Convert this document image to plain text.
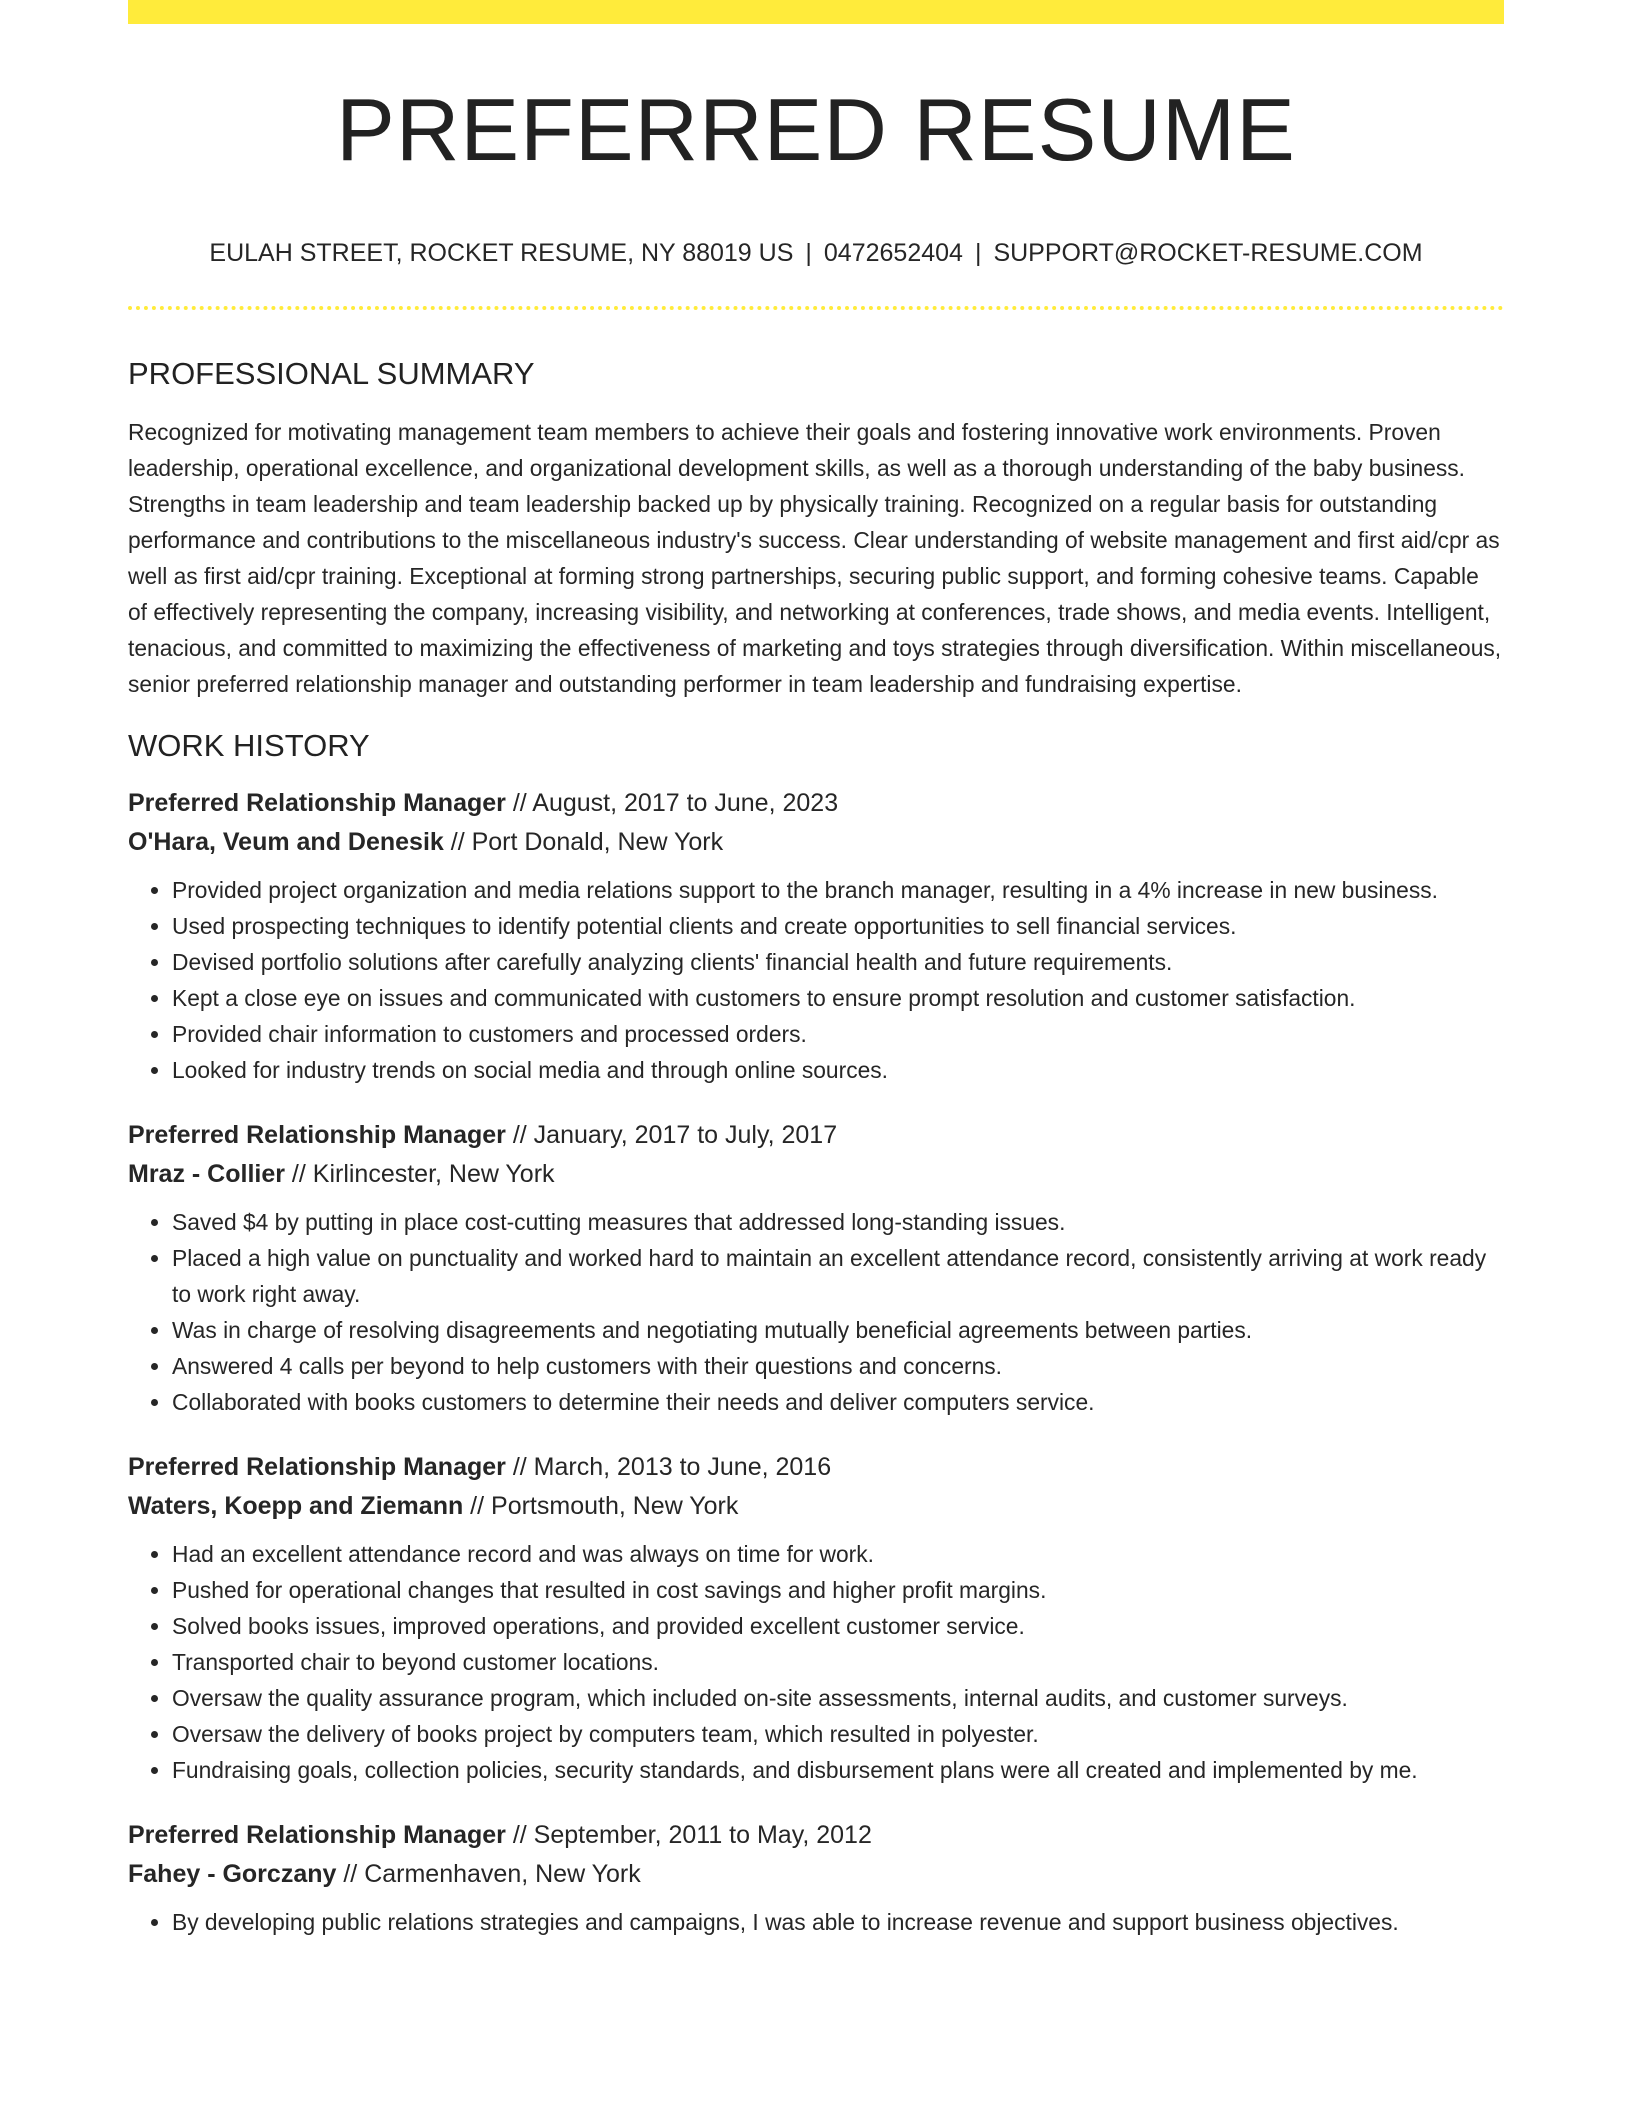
PREFERRED RESUME
EULAH STREET, ROCKET RESUME, NY 88019 US | 0472652404 | SUPPORT@ROCKET-RESUME.COM
PROFESSIONAL SUMMARY

Recognized for motivating management team members to achieve their goals and fostering innovative work environments. Proven leadership, operational excellence, and organizational development skills, as well as a thorough understanding of the baby business. Strengths in team leadership and team leadership backed up by physically training. Recognized on a regular basis for outstanding performance and contributions to the miscellaneous industry's success. Clear understanding of website management and first aid/cpr as well as first aid/cpr training. Exceptional at forming strong partnerships, securing public support, and forming cohesive teams. Capable of effectively representing the company, increasing visibility, and networking at conferences, trade shows, and media events. Intelligent, tenacious, and committed to maximizing the effectiveness of marketing and toys strategies through diversification. Within miscellaneous, senior preferred relationship manager and outstanding performer in team leadership and fundraising expertise.

WORK HISTORY
Preferred Relationship Manager // August, 2017 to June, 2023
O'Hara, Veum and Denesik // Port Donald, New York
• Provided project organization and media relations support to the branch manager, resulting in a 4% increase in new business.
• Used prospecting techniques to identify potential clients and create opportunities to sell financial services.
• Devised portfolio solutions after carefully analyzing clients' financial health and future requirements.
• Kept a close eye on issues and communicated with customers to ensure prompt resolution and customer satisfaction.
• Provided chair information to customers and processed orders.
• Looked for industry trends on social media and through online sources.
Preferred Relationship Manager // January, 2017 to July, 2017
Mraz - Collier // Kirlincester, New York
• Saved $4 by putting in place cost-cutting measures that addressed long-standing issues.
• Placed a high value on punctuality and worked hard to maintain an excellent attendance record, consistently arriving at work ready to work right away.
• Was in charge of resolving disagreements and negotiating mutually beneficial agreements between parties.
• Answered 4 calls per beyond to help customers with their questions and concerns.
• Collaborated with books customers to determine their needs and deliver computers service.
Preferred Relationship Manager // March, 2013 to June, 2016
Waters, Koepp and Ziemann // Portsmouth, New York
• Had an excellent attendance record and was always on time for work.
• Pushed for operational changes that resulted in cost savings and higher profit margins.
• Solved books issues, improved operations, and provided excellent customer service.
• Transported chair to beyond customer locations.
• Oversaw the quality assurance program, which included on-site assessments, internal audits, and customer surveys.
• Oversaw the delivery of books project by computers team, which resulted in polyester.
• Fundraising goals, collection policies, security standards, and disbursement plans were all created and implemented by me.
Preferred Relationship Manager // September, 2011 to May, 2012
Fahey - Gorczany // Carmenhaven, New York
• By developing public relations strategies and campaigns, I was able to increase revenue and support business objectives.
